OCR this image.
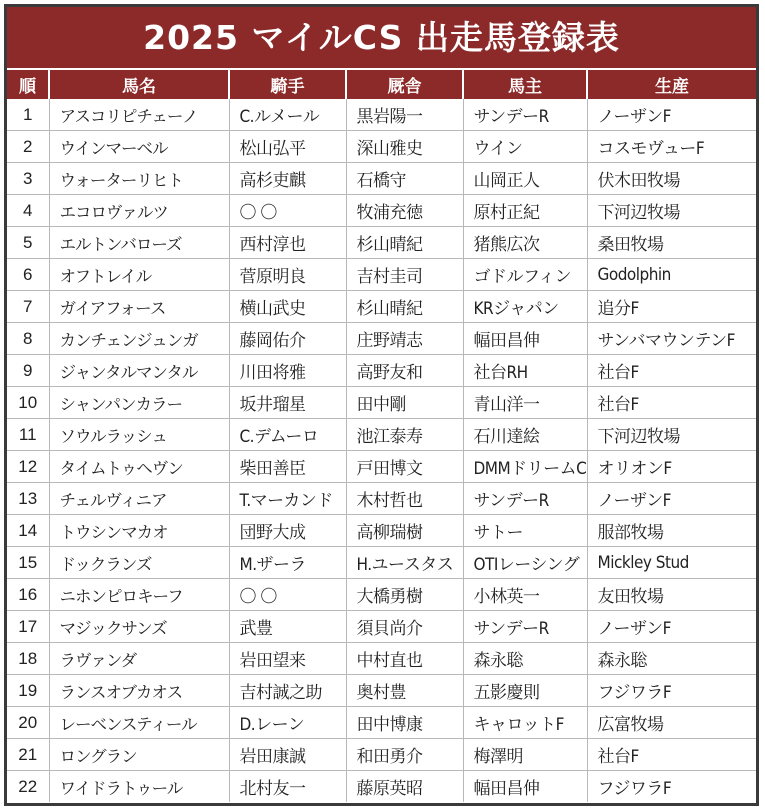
2025 マイルCS 出走馬登録表
順	馬名	騎手	厩舎	馬主	生産
1	アスコリピチェーノ	C.ルメール	黒岩陽一	サンデーR	ノーザンF
2	ウインマーベル	松山弘平	深山雅史	ウイン	コスモヴューF
3	ウォーターリヒト	高杉吏麒	石橋守	山岡正人	伏木田牧場
4	エコロヴァルツ	〇 〇	牧浦充徳	原村正紀	下河辺牧場
5	エルトンバローズ	西村淳也	杉山晴紀	猪熊広次	桑田牧場
6	オフトレイル	菅原明良	吉村圭司	ゴドルフィン	Godolphin
7	ガイアフォース	横山武史	杉山晴紀	KRジャパン	追分F
8	カンチェンジュンガ	藤岡佑介	庄野靖志	幅田昌伸	サンバマウンテンF
9	ジャンタルマンタル	川田将雅	高野友和	社台RH	社台F
10	シャンパンカラー	坂井瑠星	田中剛	青山洋一	社台F
11	ソウルラッシュ	C.デムーロ	池江泰寿	石川達絵	下河辺牧場
12	タイムトゥヘヴン	柴田善臣	戸田博文	DMMドリームC	オリオンF
13	チェルヴィニア	T.マーカンド	木村哲也	サンデーR	ノーザンF
14	トウシンマカオ	団野大成	高柳瑞樹	サトー	服部牧場
15	ドックランズ	M.ザーラ	H.ユースタス	OTIレーシング	Mickley Stud
16	ニホンピロキーフ	〇 〇	大橋勇樹	小林英一	友田牧場
17	マジックサンズ	武豊	須貝尚介	サンデーR	ノーザンF
18	ラヴァンダ	岩田望来	中村直也	森永聡	森永聡
19	ランスオブカオス	吉村誠之助	奥村豊	五影慶則	フジワラF
20	レーベンスティール	D.レーン	田中博康	キャロットF	広富牧場
21	ロングラン	岩田康誠	和田勇介	梅澤明	社台F
22	ワイドラトゥール	北村友一	藤原英昭	幅田昌伸	フジワラF
